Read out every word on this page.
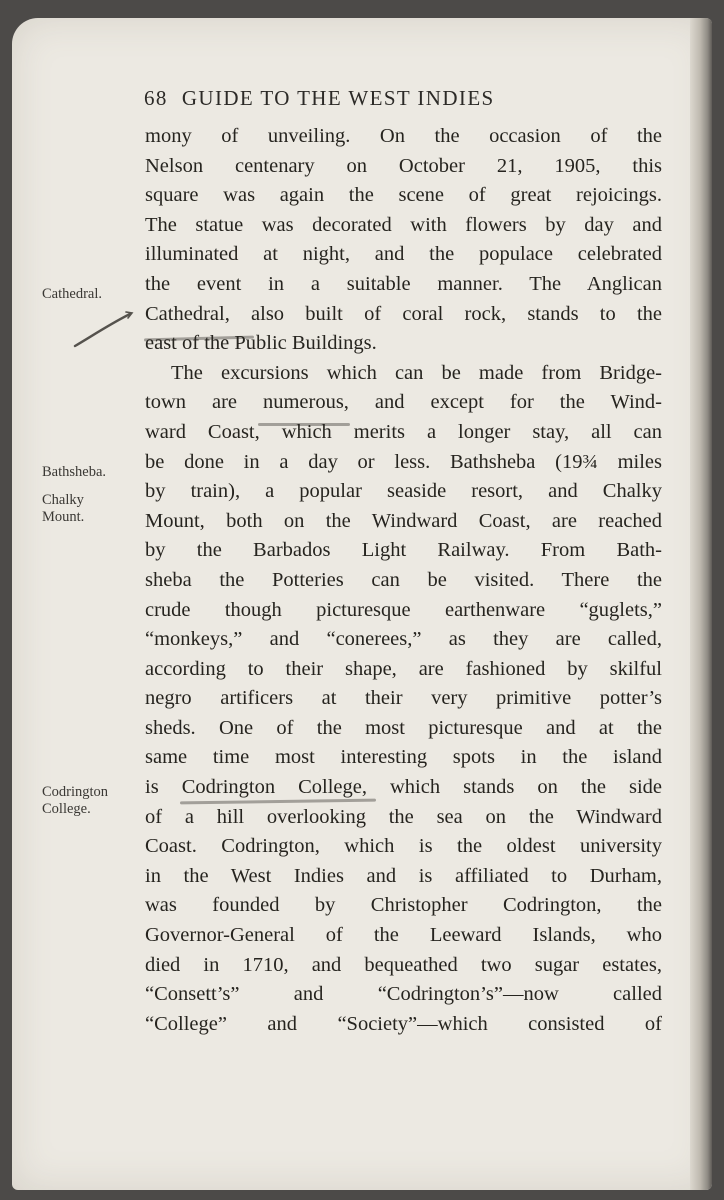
68 GUIDE TO THE WEST INDIES
Cathedral.
Bathsheba.
Chalky
Mount.
Codrington
College.
mony of unveiling. On the occasion of the
Nelson centenary on October 21, 1905, this
square was again the scene of great rejoicings.
The statue was decorated with flowers by day and
illuminated at night, and the populace celebrated
the event in a suitable manner. The Anglican
Cathedral, also built of coral rock, stands to the
east of the Public Buildings.
The excursions which can be made from Bridge-
town are numerous, and except for the Wind-
ward Coast, which merits a longer stay, all can
be done in a day or less. Bathsheba (19¾ miles
by train), a popular seaside resort, and Chalky
Mount, both on the Windward Coast, are reached
by the Barbados Light Railway. From Bath-
sheba the Potteries can be visited. There the
crude though picturesque earthenware “guglets,”
“monkeys,” and “conerees,” as they are called,
according to their shape, are fashioned by skilful
negro artificers at their very primitive potter’s
sheds. One of the most picturesque and at the
same time most interesting spots in the island
is Codrington College, which stands on the side
of a hill overlooking the sea on the Windward
Coast. Codrington, which is the oldest university
in the West Indies and is affiliated to Durham,
was founded by Christopher Codrington, the
Governor-General of the Leeward Islands, who
died in 1710, and bequeathed two sugar estates,
“Consett’s” and “Codrington’s”—now called
“College” and “Society”—which consisted of
